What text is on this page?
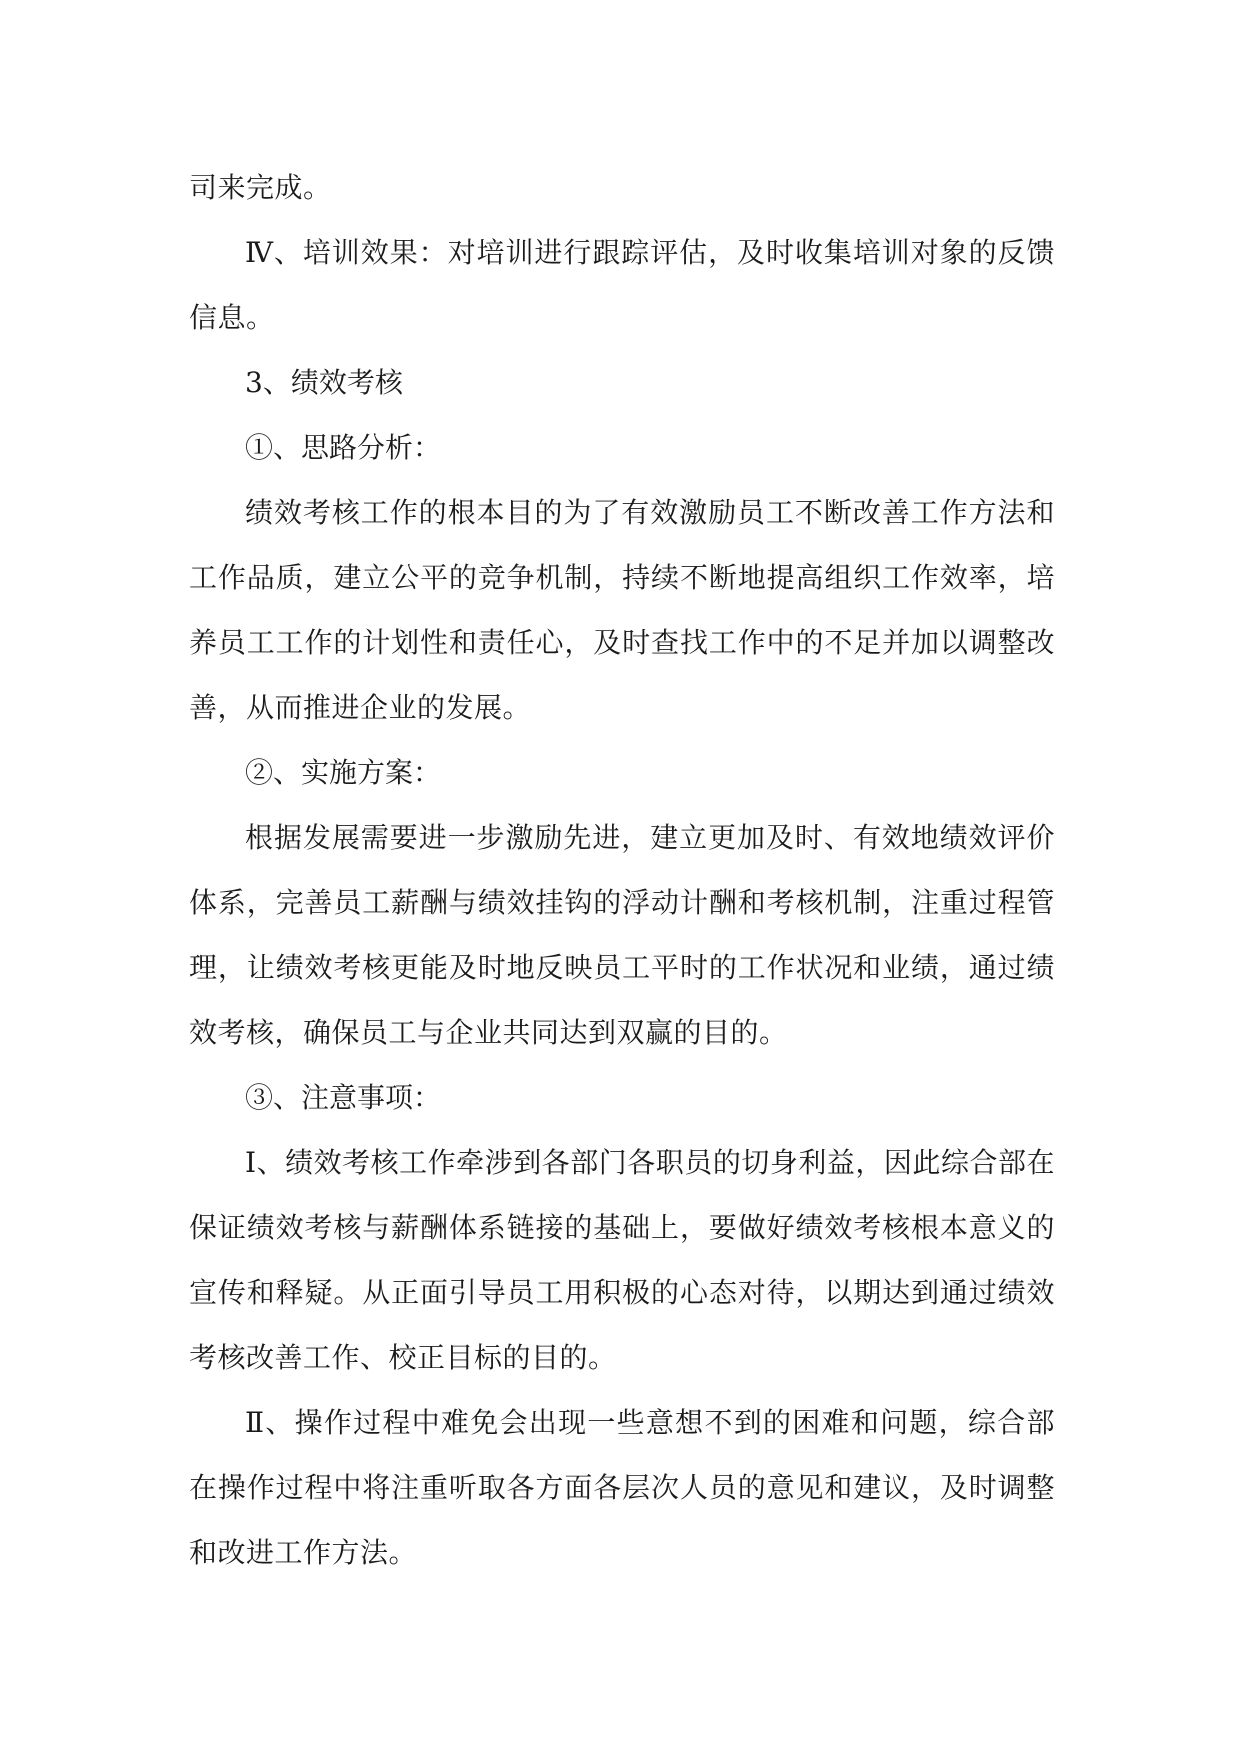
司来完成。

Ⅳ、培训效果：对培训进行跟踪评估，及时收集培训对象的反馈信息。

3、绩效考核

①、思路分析：

绩效考核工作的根本目的为了有效激励员工不断改善工作方法和工作品质，建立公平的竞争机制，持续不断地提高组织工作效率，培养员工工作的计划性和责任心，及时查找工作中的不足并加以调整改善，从而推进企业的发展。

②、实施方案：

根据发展需要进一步激励先进，建立更加及时、有效地绩效评价体系，完善员工薪酬与绩效挂钩的浮动计酬和考核机制，注重过程管理，让绩效考核更能及时地反映员工平时的工作状况和业绩，通过绩效考核，确保员工与企业共同达到双赢的目的。

③、注意事项：

Ⅰ、绩效考核工作牵涉到各部门各职员的切身利益，因此综合部在保证绩效考核与薪酬体系链接的基础上，要做好绩效考核根本意义的宣传和释疑。从正面引导员工用积极的心态对待，以期达到通过绩效考核改善工作、校正目标的目的。

Ⅱ、操作过程中难免会出现一些意想不到的困难和问题，综合部在操作过程中将注重听取各方面各层次人员的意见和建议，及时调整和改进工作方法。
